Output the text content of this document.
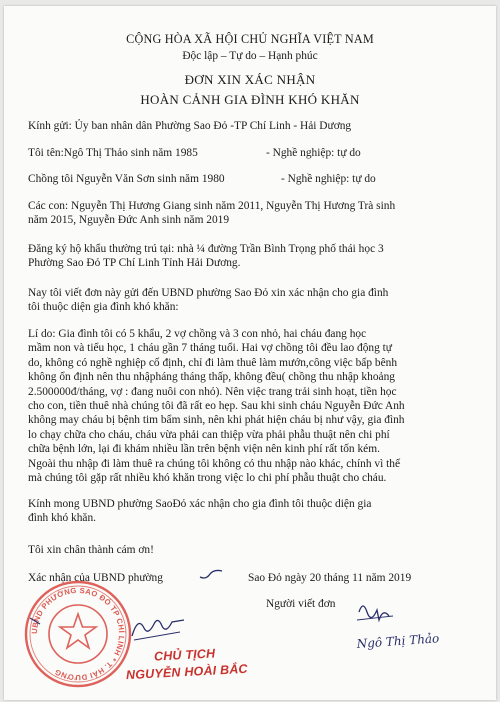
CỘNG HÒA XÃ HỘI CHỦ NGHĨA VIỆT NAM
Độc lập – Tự do – Hạnh phúc
ĐƠN XIN XÁC NHẬN
HOÀN CẢNH GIA ĐÌNH KHÓ KHĂN
Kính gửi: Ủy ban nhân dân Phường Sao Đỏ -TP Chí Linh - Hải Dương
Tôi tên:Ngô Thị Thảo sinh năm 1985	- Nghề nghiệp: tự do
Chồng tôi Nguyễn Văn Sơn sinh năm 1980	- Nghề nghiệp: tự do
Các con: Nguyễn Thị Hương Giang sinh năm 2011, Nguyễn Thị Hương Trà sinh
năm 2015, Nguyễn Đức Anh sinh năm 2019
Đăng ký hộ khẩu thường trú tại: nhà ¼ đường Trần Bình Trọng phố thái học 3
Phường Sao Đỏ TP Chí Linh Tỉnh Hải Dương.
Nay tôi viết đơn này gửi đến UBND phường Sao Đỏ xin xác nhận cho gia đình
tôi thuộc diện gia đình khó khăn:
Lí do: Gia đình tôi có 5 khẩu, 2 vợ chồng và 3 con nhỏ, hai cháu đang học
mầm non và tiểu học, 1 cháu gần 7 tháng tuổi. Hai vợ chồng tôi đều lao động tự
do, không có nghề nghiệp cố định, chỉ đi làm thuê làm mướn,công việc bấp bênh
không ổn định nên thu nhậpháng tháng thấp, không đều( chồng thu nhập khoảng
2.500000đ/tháng, vợ : đang nuôi con nhỏ). Nên việc trang trải sinh hoạt, tiền học
cho con, tiền thuê nhà chúng tôi đã rất eo hẹp. Sau khi sinh cháu Nguyễn Đức Anh
không may cháu bị bệnh tim bẩm sinh, nên khi phát hiện cháu bị như vậy, gia đình
lo chạy chữa cho cháu, cháu vừa phải can thiệp vừa phải phẫu thuật nên chi phí
chữa bệnh lớn, lại đi khám nhiều lần trên bệnh viện nên kinh phí rất tốn kém.
Ngoài thu nhập đi làm thuê ra chúng tôi không có thu nhập nào khác, chính vì thế
mà chúng tôi gặp rất nhiều khó khăn trong việc lo chi phí phẫu thuật cho cháu.
Kính mong UBND phường SaoĐỏ xác nhận cho gia đình tôi thuộc diện gia
đình khó khăn.
Tôi xin chân thành cám ơn!
Xác nhận của UBND phường	Sao Đỏ ngày 20 tháng 11 năm 2019
Người viết đơn
UBND PHƯỜNG SAO ĐỎ TP CHÍ LINH * T. HẢI DƯƠNG
CHỦ TỊCH
NGUYỄN HOÀI BẮC
Ngô Thị Thảo
